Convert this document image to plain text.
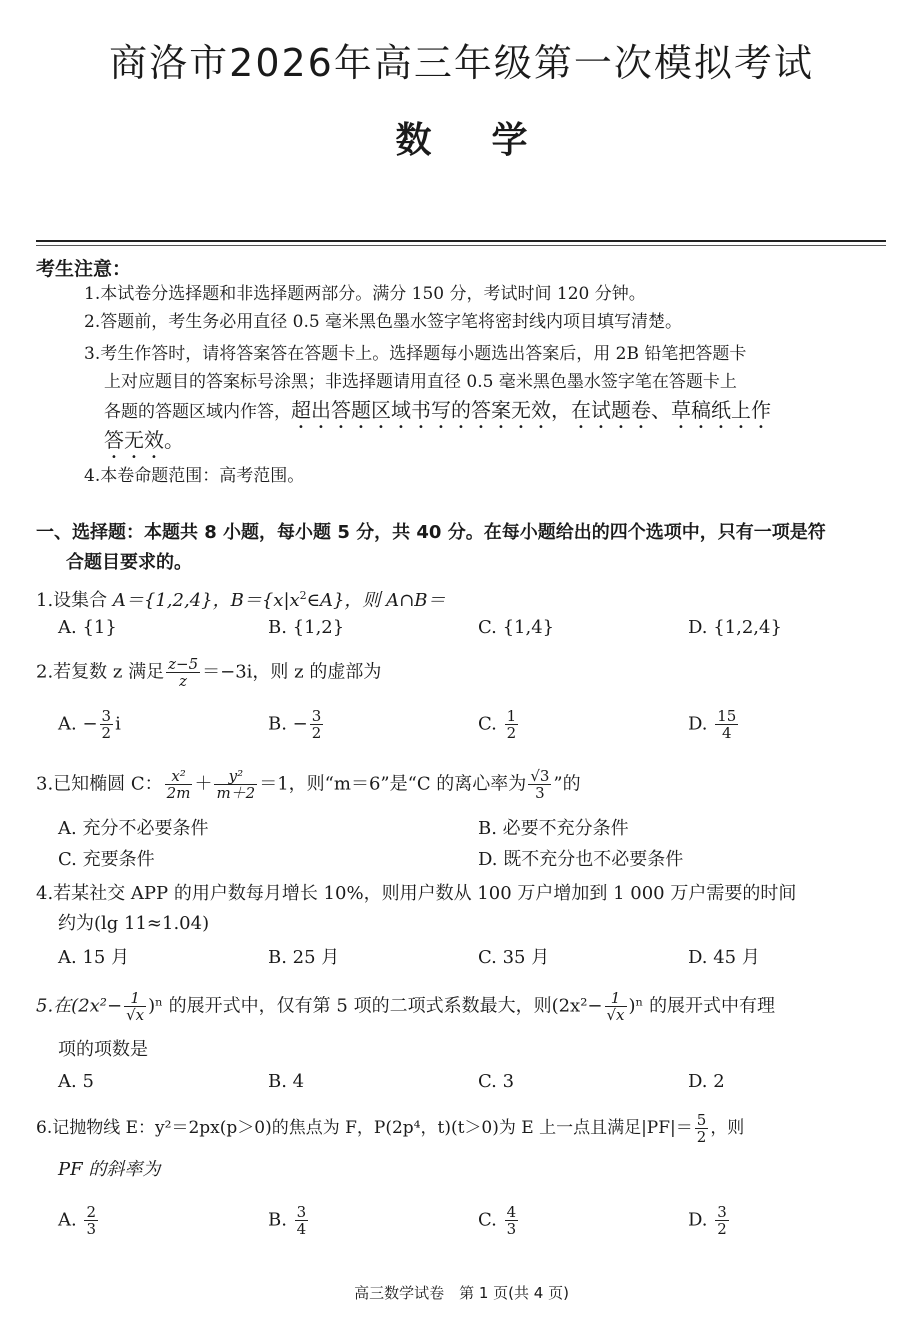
商洛市2026年高三年级第一次模拟考试
数学
考生注意：
1.本试卷分选择题和非选择题两部分。满分 150 分，考试时间 120 分钟。
2.答题前，考生务必用直径 0.5 毫米黑色墨水签字笔将密封线内项目填写清楚。
3.考生作答时，请将答案答在答题卡上。选择题每小题选出答案后，用 2B 铅笔把答题卡
上对应题目的答案标号涂黑；非选择题请用直径 0.5 毫米黑色墨水签字笔在答题卡上
各题的答题区域内作答，超出答题区域书写的答案无效，在试题卷、草稿纸上作
答无效。
4.本卷命题范围：高考范围。
一、选择题：本题共 8 小题，每小题 5 分，共 40 分。在每小题给出的四个选项中，只有一项是符
合题目要求的。
1.设集合 A＝{1,2,4}，$B=\{x|x^2\in A\}$，则 A∩B＝
A. {1}	B. {1,2}	C. {1,4}	D. {1,2,4}
2.若复数 z 满足 $\frac{z-5}{z} =-3i$，则 z 的虚部为
A. − $\frac{3}{2}$ i	B. − $\frac{3}{2}$	C. $\frac{1}{2}$	D. $\frac{15}{4}$
3.已知椭圆 C： $\frac{\text{x²}}{2m} + \frac{\text{y²}}{m+2} =1$，则“m＝6”是“C 的离心率为 $\frac{√3}{3}$ ”的
A. 充分不必要条件	B. 必要不充分条件
C. 充要条件	D. 既不充分也不必要条件
4.若某社交 APP 的用户数每月增长 10%，则用户数从 100 万户增加到 1 000 万户需要的时间
约为(lg 11≈1.04)
A. 15 月	B. 25 月	C. 35 月	D. 45 月
5.在$(2x^2- \frac{1}{√x} )^n$ 的展开式中，仅有第 5 项的二项式系数最大，则$(2x^2- \frac{1}{√x} )^n$ 的展开式中有理
项的项数是
A. 5	B. 4	C. 3	D. 2
6.记抛物线 E：y²＝2px(p＞0)的焦点为 F，P(2p⁴，t)(t＞0)为 E 上一点且满足$|PF|= \frac{5}{2}$ ，则
PF 的斜率为
A. $\frac{2}{3}$	B. $\frac{3}{4}$	C. $\frac{4}{3}$	D. $\frac{3}{2}$
高三数学试卷　第 1 页(共 4 页)
